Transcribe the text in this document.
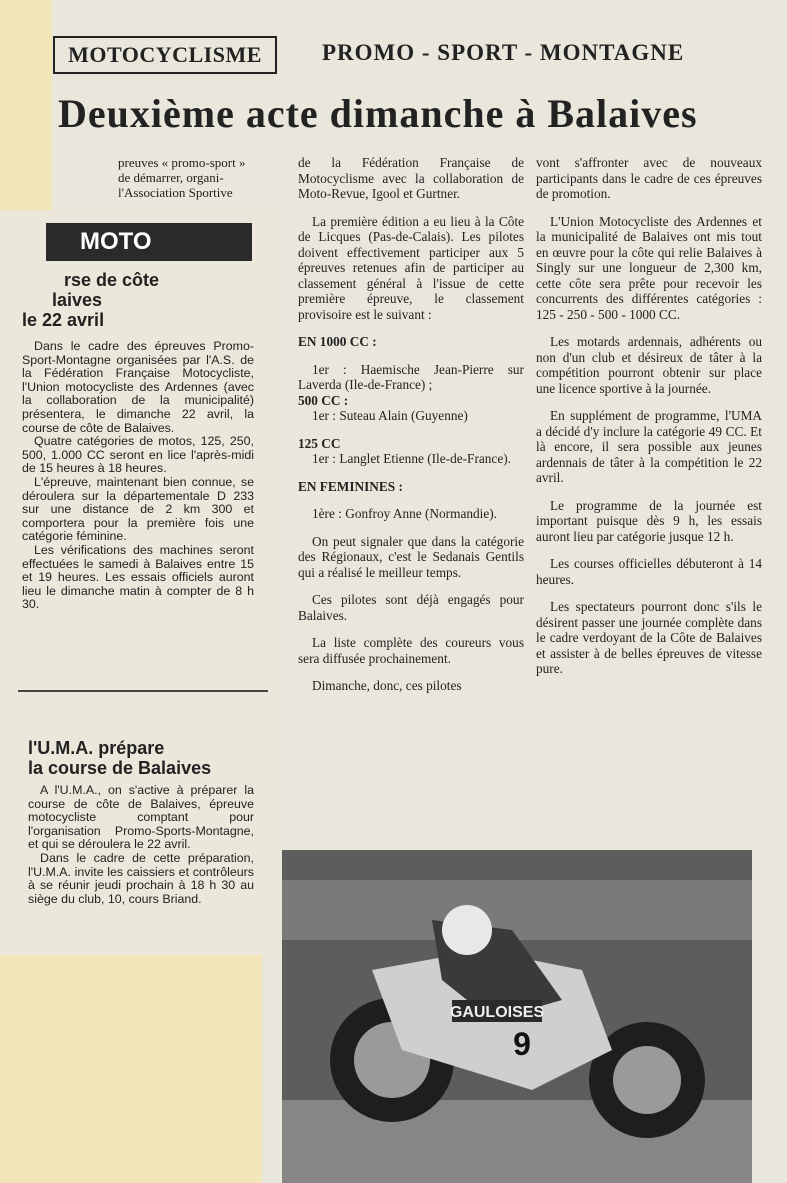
MOTOCYCLISME	PROMO - SPORT - MONTAGNE
Deuxième acte dimanche à Balaives
preuves « promo-sport »
de démarrer, organi-
l'Association Sportive

de la Fédération Française de Motocyclisme avec la collaboration de Moto-Revue, Igool et Gurtner.

La première édition a eu lieu à la Côte de Licques (Pas-de-Calais). Les pilotes doivent effectivement participer aux 5 épreuves retenues afin de participer au classement général à l'issue de cette première épreuve, le classement provisoire est le suivant :

EN 1000 CC :

1er : Haemische Jean-Pierre sur Laverda (Ile-de-France) ;

500 CC :

1er : Suteau Alain (Guyenne)

125 CC

1er : Langlet Etienne (Ile-de-France).

EN FEMININES :

1ère : Gonfroy Anne (Normandie).

On peut signaler que dans la catégorie des Régionaux, c'est le Sedanais Gentils qui a réalisé le meilleur temps.

Ces pilotes sont déjà engagés pour Balaives.

La liste complète des coureurs vous sera diffusée prochainement.

Dimanche, donc, ces pilotes

vont s'affronter avec de nouveaux participants dans le cadre de ces épreuves de promotion.

L'Union Motocycliste des Ardennes et la municipalité de Balaives ont mis tout en œuvre pour la côte qui relie Balaives à Singly sur une longueur de 2,300 km, cette côte sera prête pour recevoir les concurrents des différentes catégories : 125 - 250 - 500 - 1000 CC.

Les motards ardennais, adhérents ou non d'un club et désireux de tâter à la compétition pourront obtenir sur place une licence sportive à la journée.

En supplément de programme, l'UMA a décidé d'y inclure la catégorie 49 CC. Et là encore, il sera possible aux jeunes ardennais de tâter à la compétition le 22 avril.

Le programme de la journée est important puisque dès 9 h, les essais auront lieu par catégorie jusque 12 h.

Les courses officielles débuteront à 14 heures.

Les spectateurs pourront donc s'ils le désirent passer une journée complète dans le cadre verdoyant de la Côte de Balaives et assister à de belles épreuves de vitesse pure.

MOTO
rse de côte
laives
le 22 avril

Dans le cadre des épreuves Promo-Sport-Montagne organisées par l'A.S. de la Fédération Française Motocycliste, l'Union motocycliste des Ardennes (avec la collaboration de la municipalité) présentera, le dimanche 22 avril, la course de côte de Balaives.

Quatre catégories de motos, 125, 250, 500, 1.000 CC seront en lice l'après-midi de 15 heures à 18 heures.

L'épreuve, maintenant bien connue, se déroulera sur la départementale D 233 sur une distance de 2 km 300 et comportera pour la première fois une catégorie féminine.

Les vérifications des machines seront effectuées le samedi à Balaives entre 15 et 19 heures. Les essais officiels auront lieu le dimanche matin à compter de 8 h 30.

l'U.M.A. prépare
la course de Balaives

A l'U.M.A., on s'active à préparer la course de côte de Balaives, épreuve motocycliste comptant pour l'organisation Promo-Sports-Montagne, et qui se déroulera le 22 avril.

Dans le cadre de cette préparation, l'U.M.A. invite les caissiers et contrôleurs à se réunir jeudi prochain à 18 h 30 au siège du club, 10, cours Briand.

GAULOISES
9
